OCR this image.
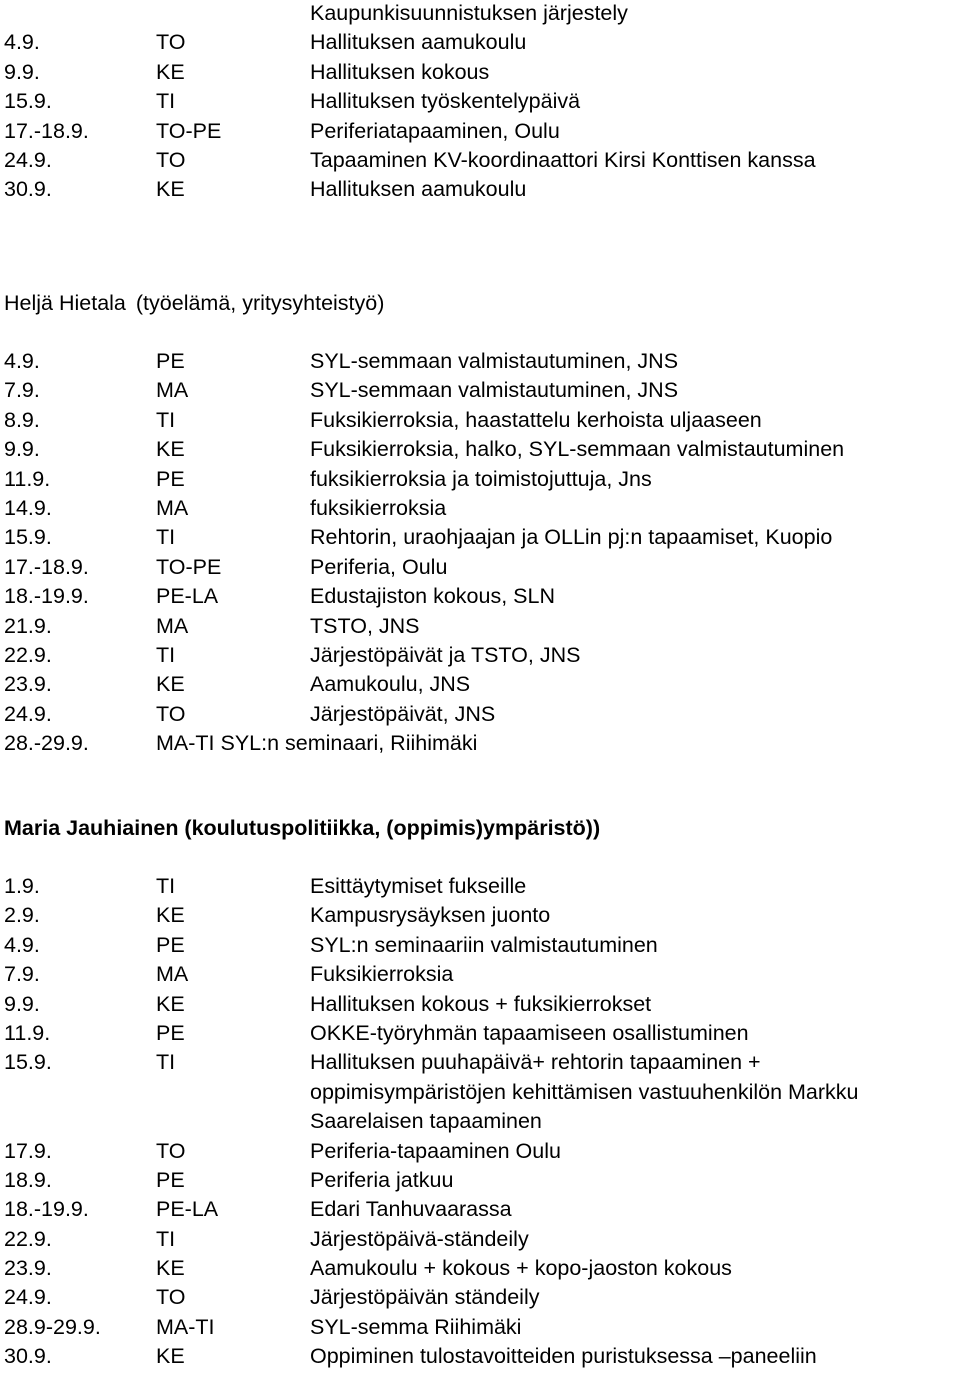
Kaupunkisuunnistuksen järjestely
4.9.	TO	Hallituksen aamukoulu
9.9.	KE	Hallituksen kokous
15.9.	TI	Hallituksen työskentelypäivä
17.-18.9.	TO-PE	Periferiatapaaminen, Oulu
24.9.	TO	Tapaaminen KV-koordinaattori Kirsi Konttisen kanssa
30.9.	KE	Hallituksen aamukoulu
Heljä Hietala (työelämä, yritysyhteistyö)
4.9.	PE	SYL-semmaan valmistautuminen, JNS
7.9.	MA	SYL-semmaan valmistautuminen, JNS
8.9.	TI	Fuksikierroksia, haastattelu kerhoista uljaaseen
9.9.	KE	Fuksikierroksia, halko, SYL-semmaan valmistautuminen
11.9.	PE	fuksikierroksia ja toimistojuttuja, Jns
14.9.	MA	fuksikierroksia
15.9.	TI	Rehtorin, uraohjaajan ja OLLin pj:n tapaamiset, Kuopio
17.-18.9.	TO-PE	Periferia, Oulu
18.-19.9.	PE-LA	Edustajiston kokous, SLN
21.9.	MA	TSTO, JNS
22.9.	TI	Järjestöpäivät ja TSTO, JNS
23.9.	KE	Aamukoulu, JNS
24.9.	TO	Järjestöpäivät, JNS
28.-29.9.	MA-TI SYL:n seminaari, Riihimäki
Maria Jauhiainen (koulutuspolitiikka, (oppimis)ympäristö))
1.9.	TI	Esittäytymiset fukseille
2.9.	KE	Kampusrysäyksen juonto
4.9.	PE	SYL:n seminaariin valmistautuminen
7.9.	MA	Fuksikierroksia
9.9.	KE	Hallituksen kokous + fuksikierrokset
11.9.	PE	OKKE-työryhmän tapaamiseen osallistuminen
15.9.	TI	Hallituksen puuhapäivä+ rehtorin tapaaminen +
oppimisympäristöjen kehittämisen vastuuhenkilön Markku
Saarelaisen tapaaminen
17.9.	TO	Periferia-tapaaminen Oulu
18.9.	PE	Periferia jatkuu
18.-19.9.	PE-LA	Edari Tanhuvaarassa
22.9.	TI	Järjestöpäivä-ständeily
23.9.	KE	Aamukoulu + kokous + kopo-jaoston kokous
24.9.	TO	Järjestöpäivän ständeily
28.9-29.9.	MA-TI	SYL-semma Riihimäki
30.9.	KE	Oppiminen tulostavoitteiden puristuksessa –paneeliin
